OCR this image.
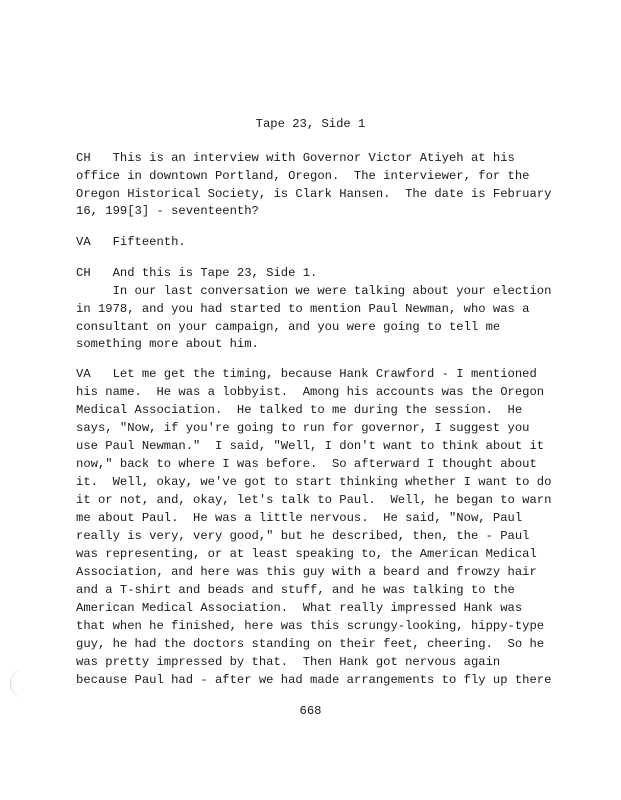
Tape 23, Side 1
CH   This is an interview with Governor Victor Atiyeh at his
office in downtown Portland, Oregon.  The interviewer, for the
Oregon Historical Society, is Clark Hansen.  The date is February
16, 199[3] - seventeenth?
VA   Fifteenth.
CH   And this is Tape 23, Side 1.
In our last conversation we were talking about your election
in 1978, and you had started to mention Paul Newman, who was a
consultant on your campaign, and you were going to tell me
something more about him.
VA   Let me get the timing, because Hank Crawford - I mentioned
his name.  He was a lobbyist.  Among his accounts was the Oregon
Medical Association.  He talked to me during the session.  He
says, "Now, if you're going to run for governor, I suggest you
use Paul Newman."  I said, "Well, I don't want to think about it
now," back to where I was before.  So afterward I thought about
it.  Well, okay, we've got to start thinking whether I want to do
it or not, and, okay, let's talk to Paul.  Well, he began to warn
me about Paul.  He was a little nervous.  He said, "Now, Paul
really is very, very good," but he described, then, the - Paul
was representing, or at least speaking to, the American Medical
Association, and here was this guy with a beard and frowzy hair
and a T-shirt and beads and stuff, and he was talking to the
American Medical Association.  What really impressed Hank was
that when he finished, here was this scrungy-looking, hippy-type
guy, he had the doctors standing on their feet, cheering.  So he
was pretty impressed by that.  Then Hank got nervous again
because Paul had - after we had made arrangements to fly up there
668
